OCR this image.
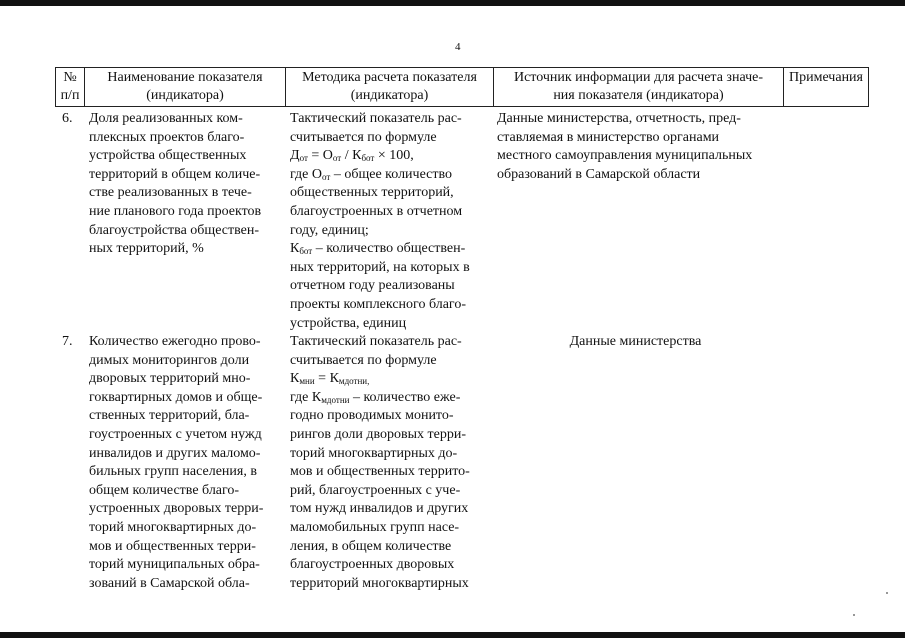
4
№
п/п
Наименование показателя
(индикатора)
Методика расчета показателя
(индикатора)
Источник информации для расчета значе-
ния показателя (индикатора)
Примечания
6. Доля реализованных ком-
плексных проектов благо-
устройства общественных
территорий в общем количе-
стве реализованных в тече-
ние планового года проектов
благоустройства обществен-
ных территорий, %
Тактический показатель рас-
считывается по формуле
$Д_{от} = О_{от} / К_{бот} \times 100$,
где $О_{от}$ – общее количество
общественных территорий,
благоустроенных в отчетном
году, единиц;
$К_{бот}$ – количество обществен-
ных территорий, на которых в
отчетном году реализованы
проекты комплексного благо-
устройства, единиц
Данные министерства, отчетность, пред-
ставляемая в министерство органами
местного самоуправления муниципальных
образований в Самарской области
7. Количество ежегодно прово-
димых мониторингов доли
дворовых территорий мно-
гоквартирных домов и обще-
ственных территорий, бла-
гоустроенных с учетом нужд
инвалидов и других маломо-
бильных групп населения, в
общем количестве благо-
устроенных дворовых терри-
торий многоквартирных до-
мов и общественных терри-
торий муниципальных обра-
зований в Самарской обла-
Тактический показатель рас-
считывается по формуле
$К_{мни} = К_{мдотни,}$
где $К_{мдотни}$ – количество еже-
годно проводимых монито-
рингов доли дворовых терри-
торий многоквартирных до-
мов и общественных террито-
рий, благоустроенных с уче-
том нужд инвалидов и других
маломобильных групп насе-
ления, в общем количестве
благоустроенных дворовых
территорий многоквартирных
Данные министерства
